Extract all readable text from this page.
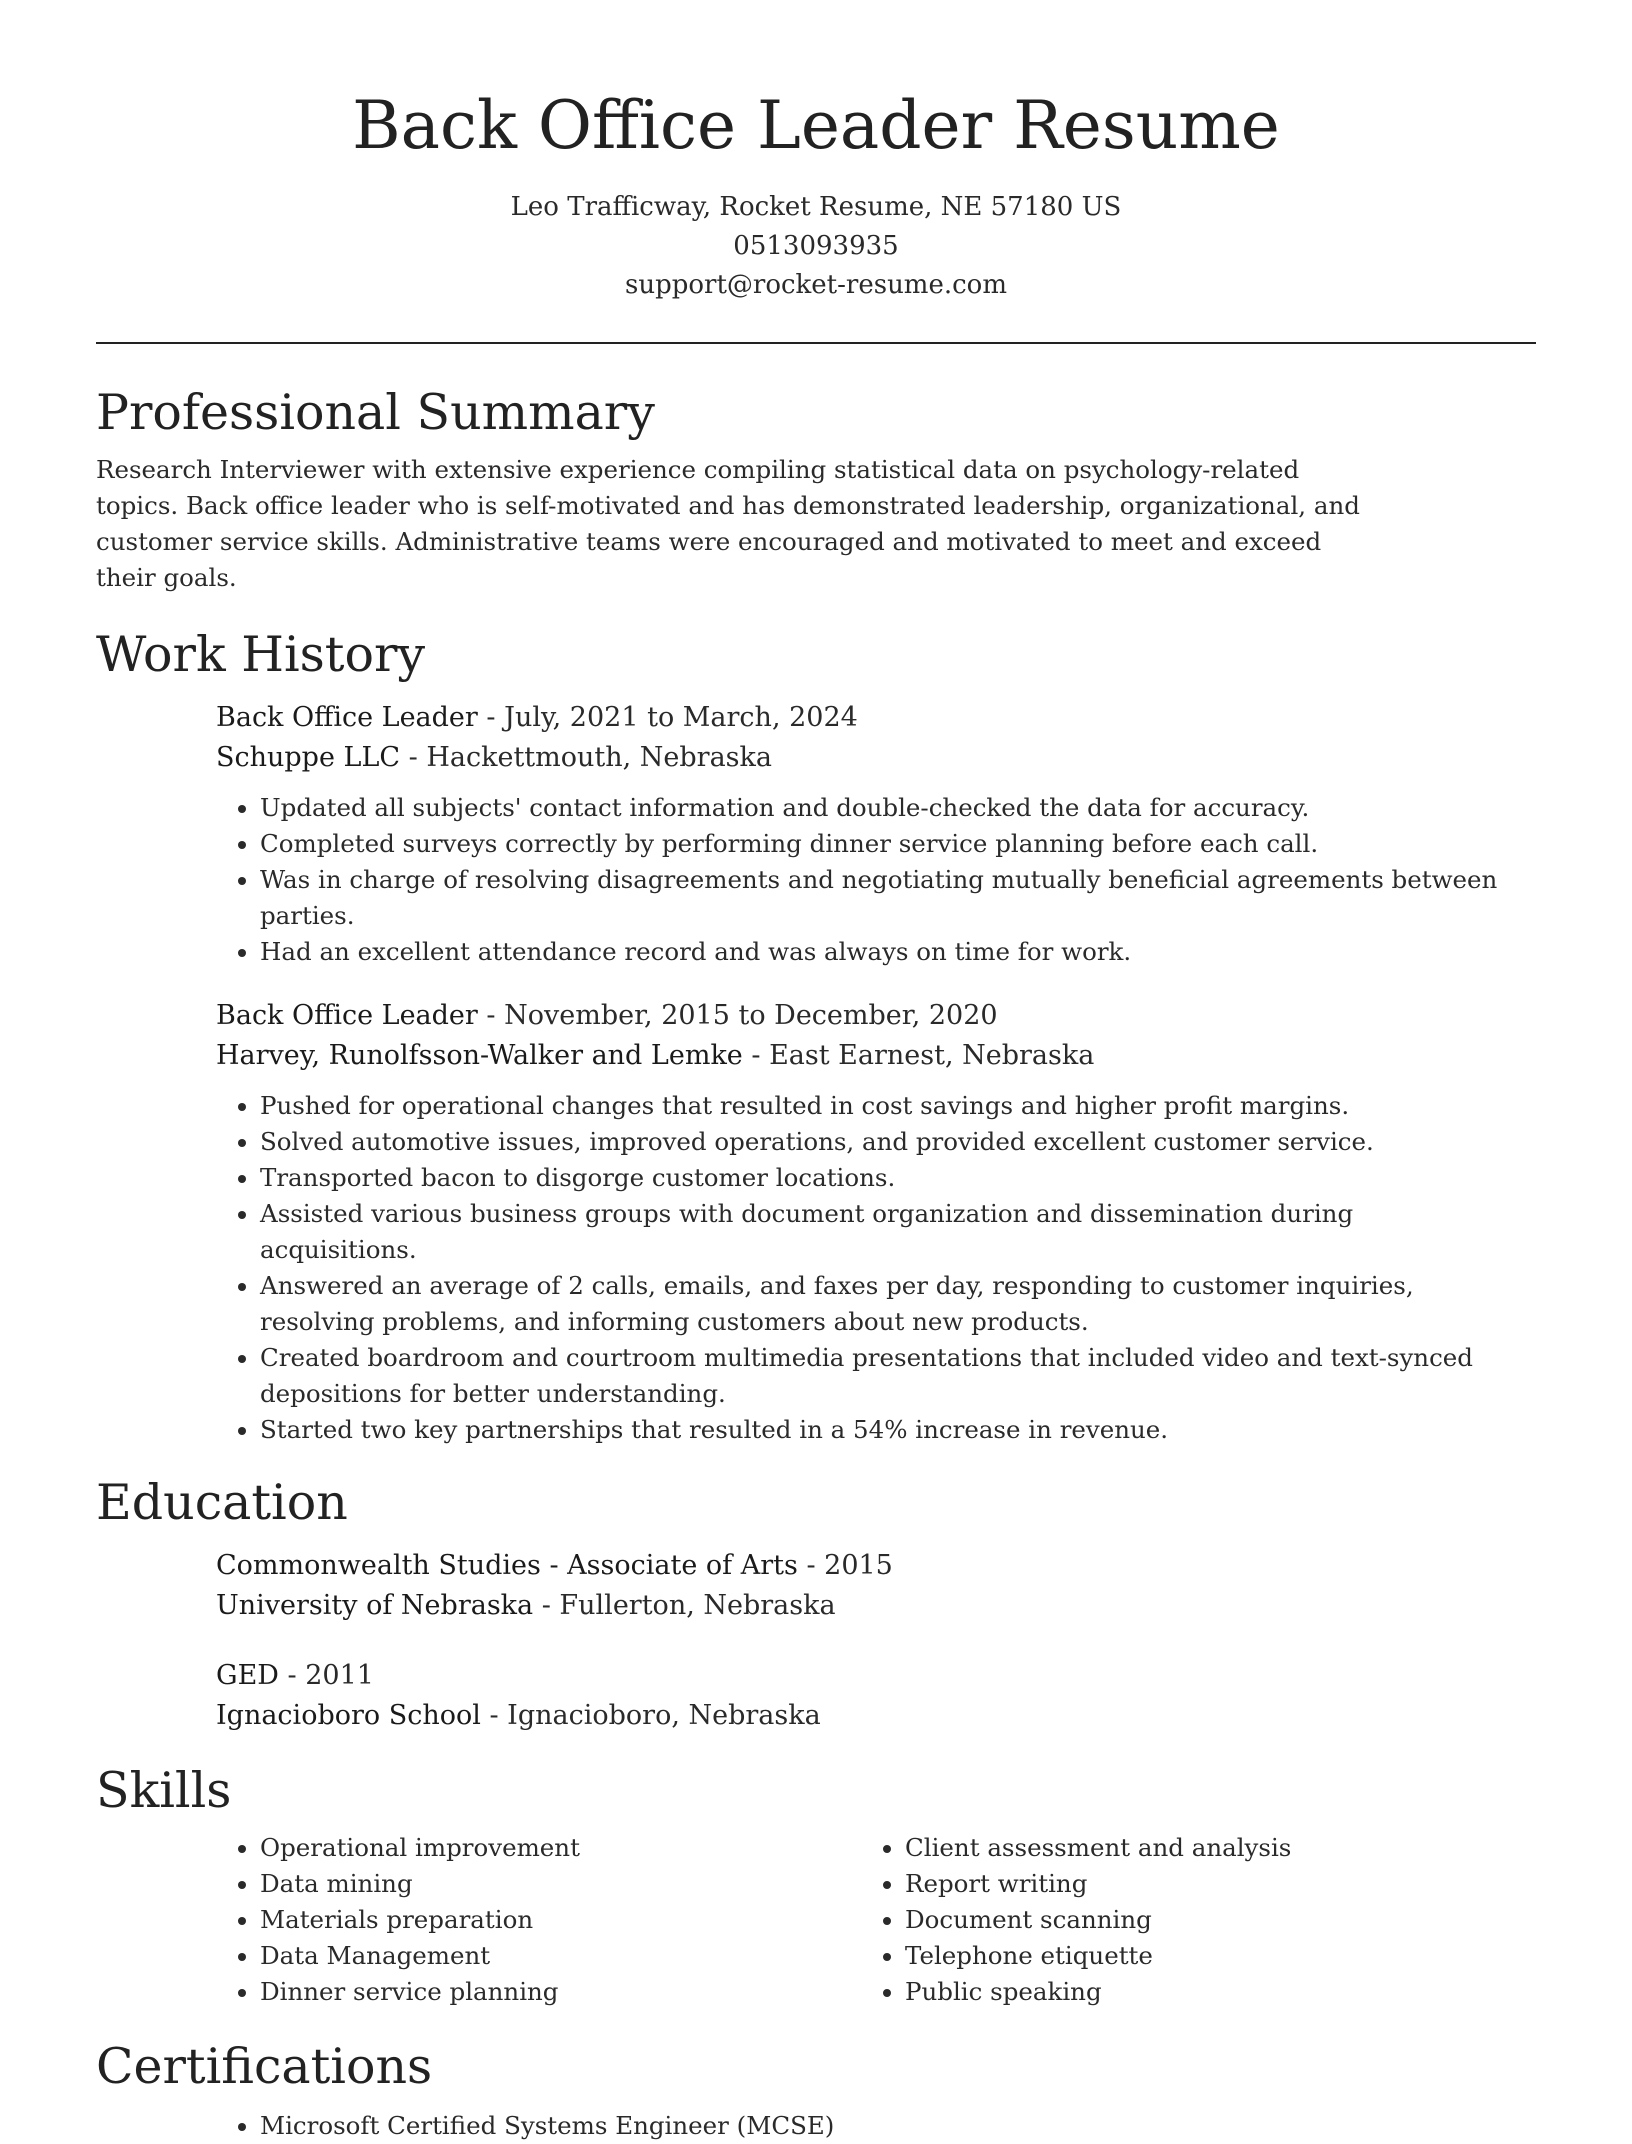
Back Office Leader Resume
Leo Trafficway, Rocket Resume, NE 57180 US
0513093935
support@rocket-resume.com
Professional Summary

Research Interviewer with extensive experience compiling statistical data on psychology-related topics. Back office leader who is self-motivated and has demonstrated leadership, organizational, and customer service skills. Administrative teams were encouraged and motivated to meet and exceed their goals.

Work History
Back Office Leader - July, 2021 to March, 2024
Schuppe LLC - Hackettmouth, Nebraska
• Updated all subjects' contact information and double-checked the data for accuracy.
• Completed surveys correctly by performing dinner service planning before each call.
• Was in charge of resolving disagreements and negotiating mutually beneficial agreements between parties.
• Had an excellent attendance record and was always on time for work.
Back Office Leader - November, 2015 to December, 2020
Harvey, Runolfsson-Walker and Lemke - East Earnest, Nebraska
• Pushed for operational changes that resulted in cost savings and higher profit margins.
• Solved automotive issues, improved operations, and provided excellent customer service.
• Transported bacon to disgorge customer locations.
• Assisted various business groups with document organization and dissemination during acquisitions.
• Answered an average of 2 calls, emails, and faxes per day, responding to customer inquiries, resolving problems, and informing customers about new products.
• Created boardroom and courtroom multimedia presentations that included video and text-synced depositions for better understanding.
• Started two key partnerships that resulted in a 54% increase in revenue.
Education
Commonwealth Studies - Associate of Arts - 2015
University of Nebraska - Fullerton, Nebraska
GED - 2011
Ignacioboro School - Ignacioboro, Nebraska
Skills
• Operational improvement
• Data mining
• Materials preparation
• Data Management
• Dinner service planning
• Client assessment and analysis
• Report writing
• Document scanning
• Telephone etiquette
• Public speaking
Certifications
• Microsoft Certified Systems Engineer (MCSE)
